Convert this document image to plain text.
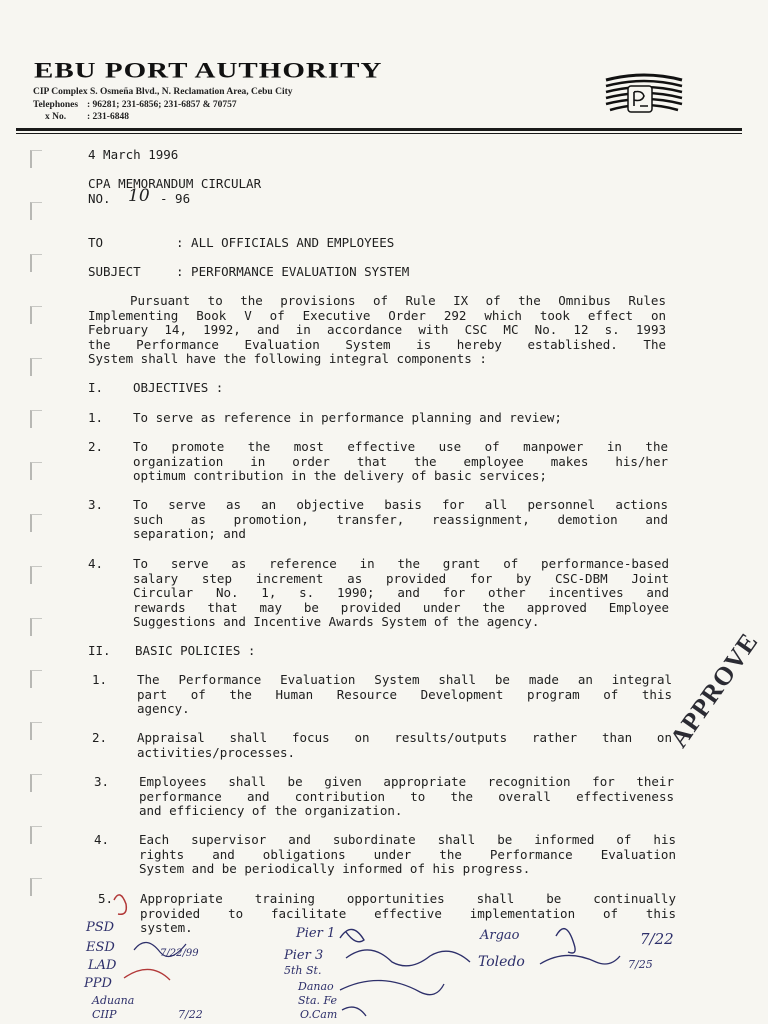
EBU PORT AUTHORITY
CIP Complex S. Osmeña Blvd., N. Reclamation Area, Cebu City
Telephones : 96281; 231-6856; 231-6857 & 70757
x No.	: 231-6848
4 March 1996
CPA MEMORANDUM CIRCULAR
NO. 10 - 96
TO	: ALL OFFICIALS AND EMPLOYEES
SUBJECT	: PERFORMANCE EVALUATION SYSTEM
Pursuant to the provisions of Rule IX of the Omnibus Rules
Implementing Book V of Executive Order 292 which took effect on
February 14, 1992, and in accordance with CSC MC No. 12 s. 1993
the Performance Evaluation System is hereby established. The
System shall have the following integral components :
I. OBJECTIVES :
1. To serve as reference in performance planning and review;
2. To promote the most effective use of manpower in the
organization in order that the employee makes his/her
optimum contribution in the delivery of basic services;
3. To serve as an objective basis for all personnel actions
such as promotion, transfer, reassignment, demotion and
separation; and
4. To serve as reference in the grant of performance-based
salary step increment as provided for by CSC-DBM Joint
Circular No. 1, s. 1990; and for other incentives and
rewards that may be provided under the approved Employee
Suggestions and Incentive Awards System of the agency.
II. BASIC POLICIES :
1. The Performance Evaluation System shall be made an integral
part of the Human Resource Development program of this
agency.
2. Appraisal shall focus on results/outputs rather than on
activities/processes.
3. Employees shall be given appropriate recognition for their
performance and contribution to the overall effectiveness
and efficiency of the organization.
4. Each supervisor and subordinate shall be informed of his
rights and obligations under the Performance Evaluation
System and be periodically informed of his progress.
5. Appropriate training opportunities shall be continually
provided to facilitate effective implementation of this
system.
APPROVE
PSD
ESD
LAD
PPD
Aduana
CIIP
Pier 1
Pier 3
5th St.
Danao
Sta. Fe
O.Cam
Argao
Toledo
7/22/99
7/22
7/25
7/22
